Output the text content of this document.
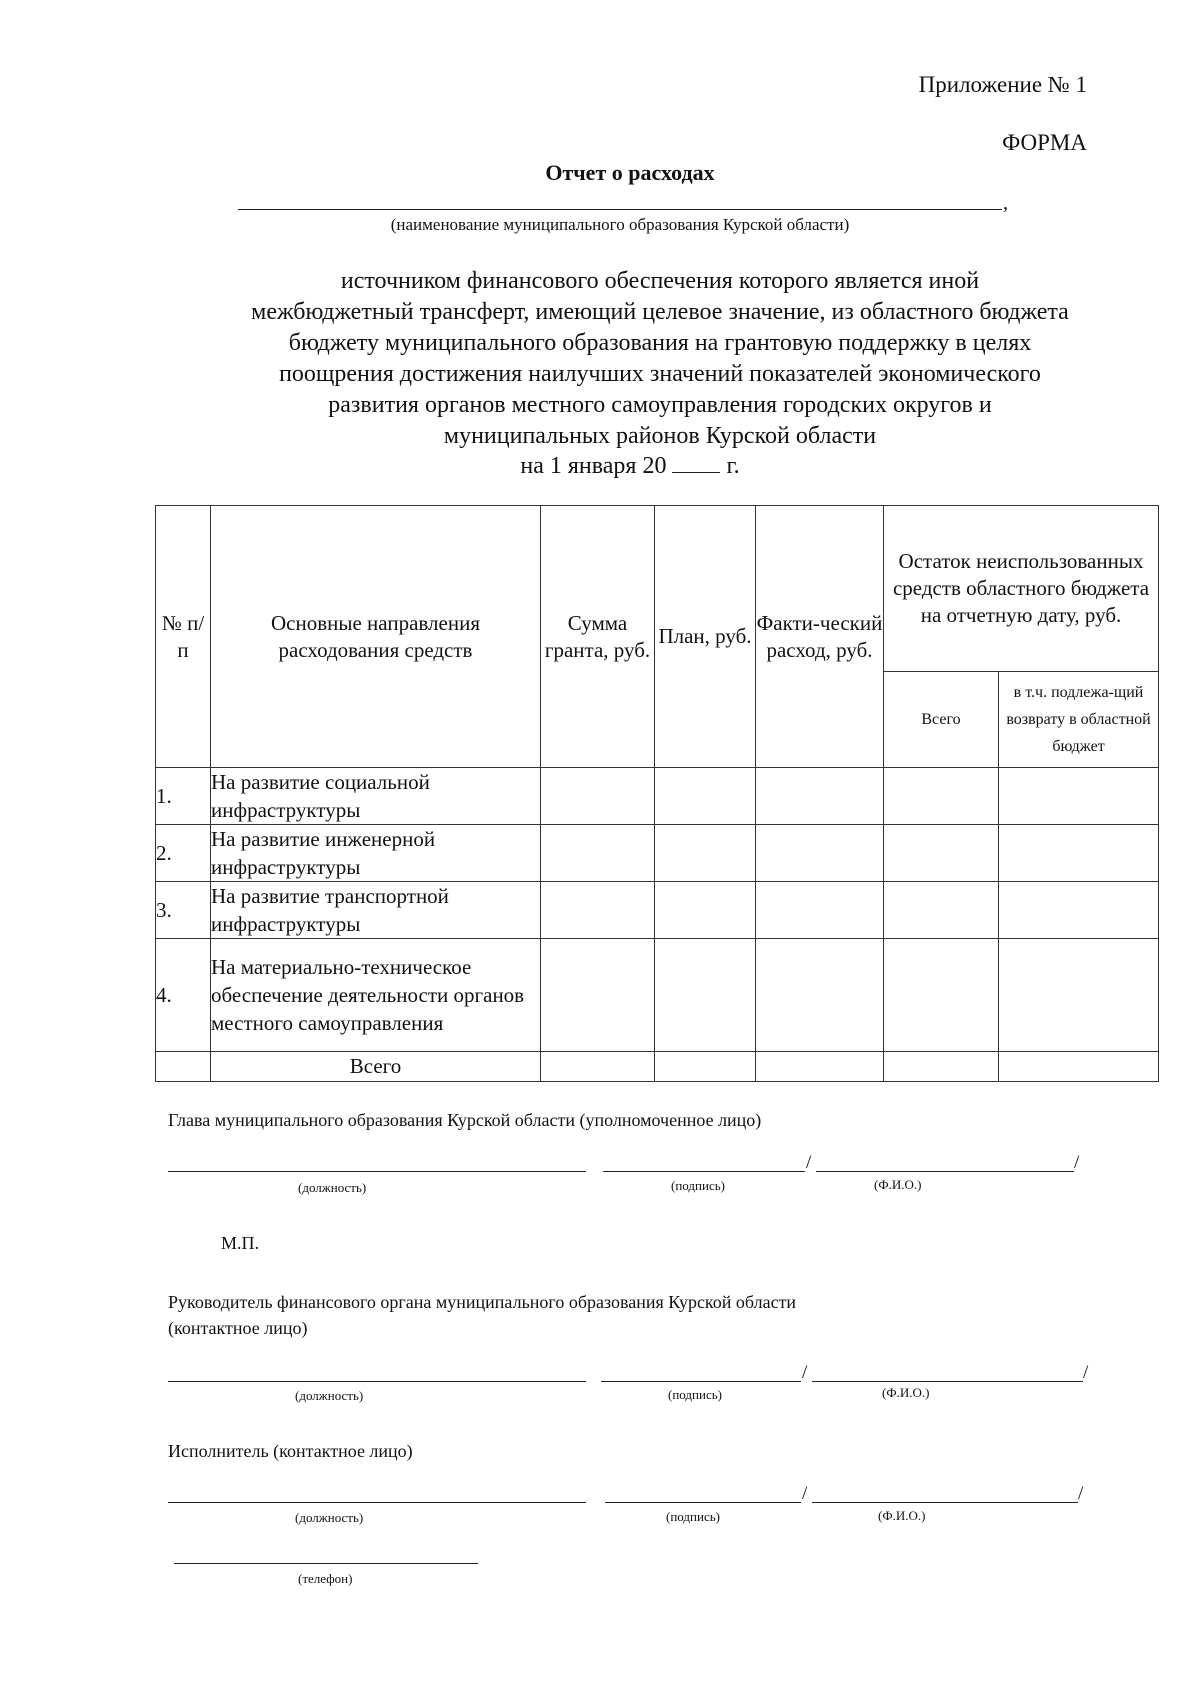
Приложение № 1
ФОРМА
Отчет о расходах
,
(наименование муниципального образования Курской области)
источником финансового обеспечения которого является иной
межбюджетный трансферт, имеющий целевое значение, из областного бюджета
бюджету муниципального образования на грантовую поддержку в целях
поощрения достижения наилучших значений показателей экономического
развития органов местного самоуправления городских округов и
муниципальных районов Курской области
на 1 января 20	г.
№ п/ п	Основные направления расходования средств	Сумма гранта, руб.	План, руб.	Факти-ческий расход, руб.	Остаток неиспользованных средств областного бюджета на отчетную дату, руб.	
					Всего	в т.ч. подлежа-щий возврату в областной бюджет
1.	На развитие социальной инфраструктуры					
2.	На развитие инженерной инфраструктуры					
3.	На развитие транспортной инфраструктуры					
4.	На материально-техническое обеспечение деятельности органов местного самоуправления					
	Всего					
Глава муниципального образования Курской области (уполномоченное лицо)
/	/
(должность)	(подпись)	(Ф.И.О.)
М.П.
Руководитель финансового органа муниципального образования Курской области
(контактное лицо)
/	/
(должность)	(подпись)	(Ф.И.О.)
Исполнитель (контактное лицо)
/	/
(должность)	(подпись)	(Ф.И.О.)
(телефон)
